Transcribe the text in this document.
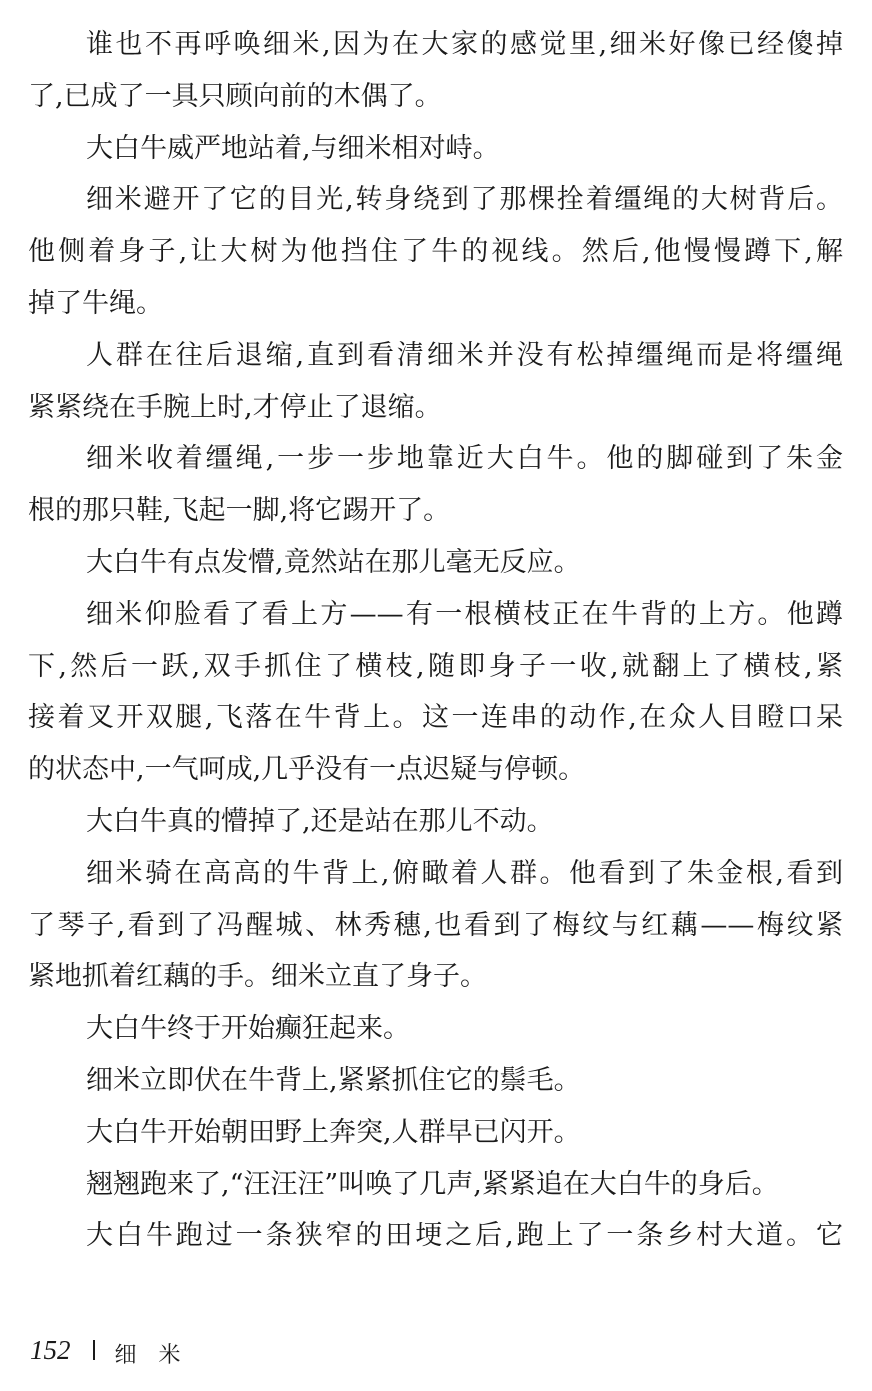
谁也不再呼唤细米,因为在大家的感觉里,细米好像已经傻掉
了,已成了一具只顾向前的木偶了。
大白牛威严地站着,与细米相对峙。
细米避开了它的目光,转身绕到了那棵拴着缰绳的大树背后。
他侧着身子,让大树为他挡住了牛的视线。然后,他慢慢蹲下,解
掉了牛绳。
人群在往后退缩,直到看清细米并没有松掉缰绳而是将缰绳
紧紧绕在手腕上时,才停止了退缩。
细米收着缰绳,一步一步地靠近大白牛。他的脚碰到了朱金
根的那只鞋,飞起一脚,将它踢开了。
大白牛有点发懵,竟然站在那儿毫无反应。
细米仰脸看了看上方——有一根横枝正在牛背的上方。他蹲
下,然后一跃,双手抓住了横枝,随即身子一收,就翻上了横枝,紧
接着叉开双腿,飞落在牛背上。这一连串的动作,在众人目瞪口呆
的状态中,一气呵成,几乎没有一点迟疑与停顿。
大白牛真的懵掉了,还是站在那儿不动。
细米骑在高高的牛背上,俯瞰着人群。他看到了朱金根,看到
了琴子,看到了冯醒城、林秀穗,也看到了梅纹与红藕——梅纹紧
紧地抓着红藕的手。细米立直了身子。
大白牛终于开始癫狂起来。
细米立即伏在牛背上,紧紧抓住它的鬃毛。
大白牛开始朝田野上奔突,人群早已闪开。
翘翘跑来了,“汪汪汪”叫唤了几声,紧紧追在大白牛的身后。
大白牛跑过一条狭窄的田埂之后,跑上了一条乡村大道。它
152 细米
